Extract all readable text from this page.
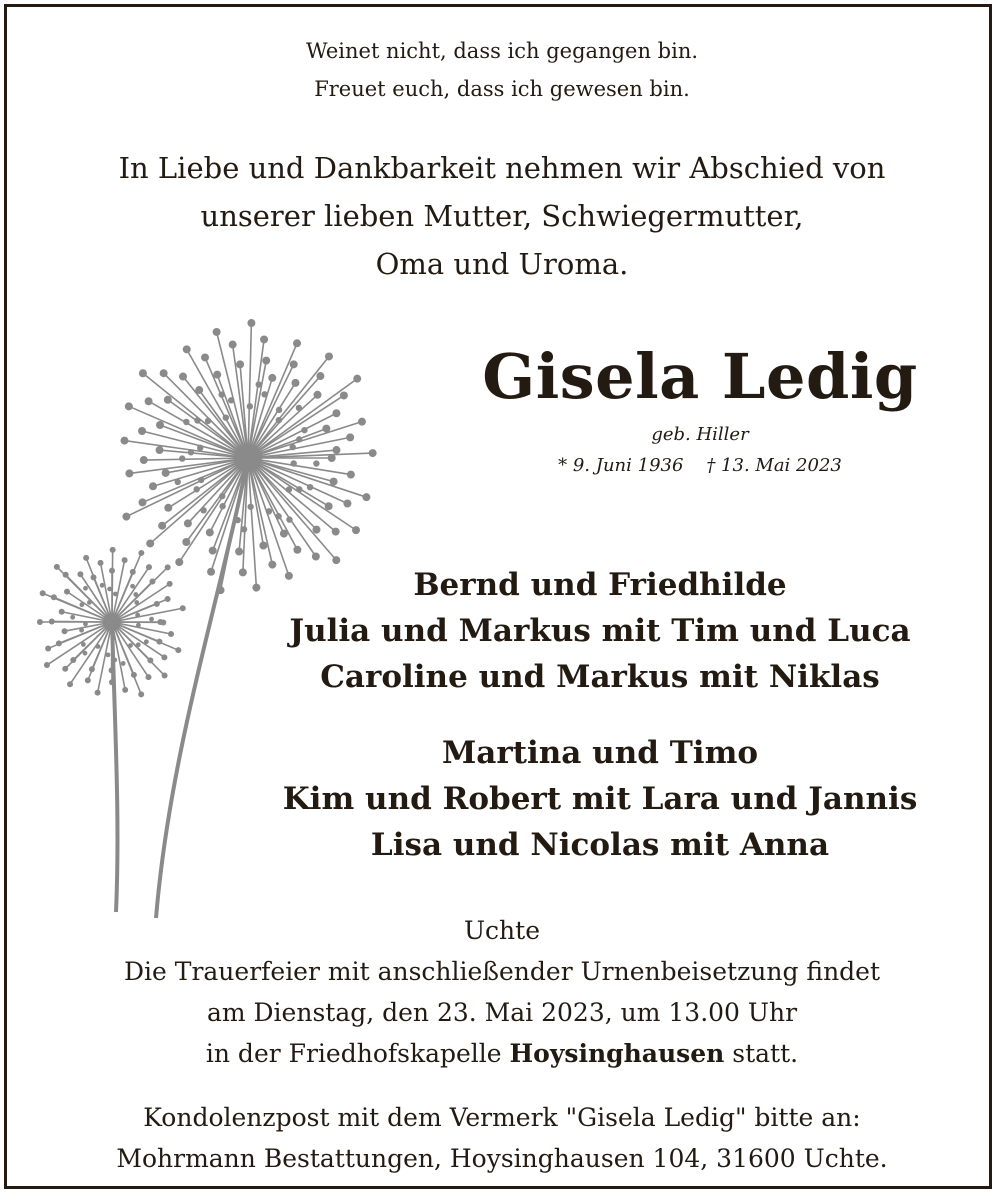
Weinet nicht, dass ich gegangen bin.
Freuet euch, dass ich gewesen bin.
In Liebe und Dankbarkeit nehmen wir Abschied von
unserer lieben Mutter, Schwiegermutter,
Oma und Uroma.
Gisela Ledig
geb. Hiller
* 9. Juni 1936 † 13. Mai 2023
Bernd und Friedhilde
Julia und Markus mit Tim und Luca
Caroline und Markus mit Niklas
Martina und Timo
Kim und Robert mit Lara und Jannis
Lisa und Nicolas mit Anna
Uchte
Die Trauerfeier mit anschließender Urnenbeisetzung findet
am Dienstag, den 23. Mai 2023, um 13.00 Uhr
in der Friedhofskapelle Hoysinghausen statt.
Kondolenzpost mit dem Vermerk "Gisela Ledig" bitte an:
Mohrmann Bestattungen, Hoysinghausen 104, 31600 Uchte.
